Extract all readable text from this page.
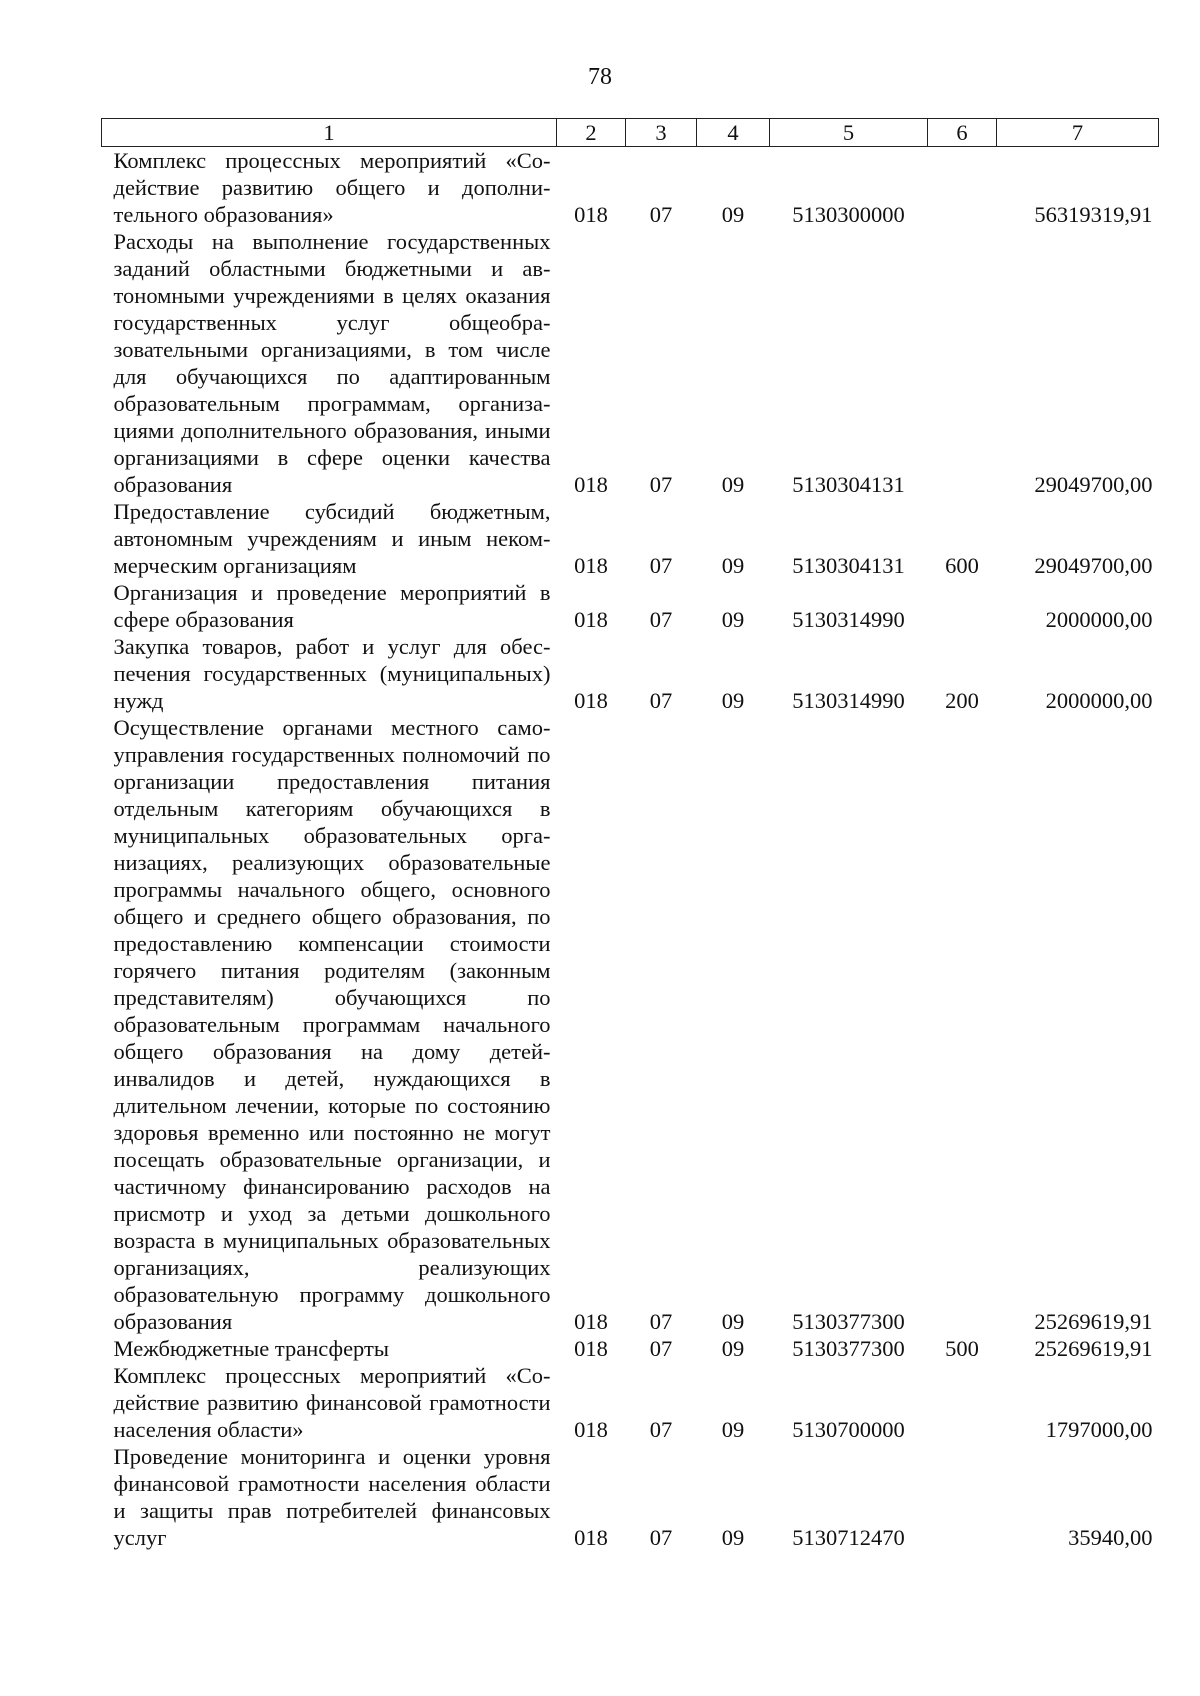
78
1	2	3	4	5	6	7
Комплекс процессных мероприятий «Содействие развитию общего и дополнительного образования»	018	07	09	5130300000		56319319,91
Расходы на выполнение государственных заданий областными бюджетными и автономными учреждениями в целях оказания государственных услуг общеобразовательными организациями, в том числе для обучающихся по адаптированным образовательным программам, организациями дополнительного образования, иными организациями в сфере оценки качества образования	018	07	09	5130304131		29049700,00
Предоставление субсидий бюджетным, автономным учреждениям и иным некоммерческим организациям	018	07	09	5130304131	600	29049700,00
Организация и проведение мероприятий в сфере образования	018	07	09	5130314990		2000000,00
Закупка товаров, работ и услуг для обеспечения государственных (муниципальных) нужд	018	07	09	5130314990	200	2000000,00
Осуществление органами местного самоуправления государственных полномочий по организации предоставления питания отдельным категориям обучающихся в муниципальных образовательных организациях, реализующих образовательные программы начального общего, основного общего и среднего общего образования, по предоставлению компенсации стоимости горячего питания родителям (законным представителям) обучающихся по образовательным программам начального общего образования на дому детей-инвалидов и детей, нуждающихся в длительном лечении, которые по состоянию здоровья временно или постоянно не могут посещать образовательные организации, и частичному финансированию расходов на присмотр и уход за детьми дошкольного возраста в муниципальных образовательных организациях, реализующих образовательную программу дошкольного образования	018	07	09	5130377300		25269619,91
Межбюджетные трансферты	018	07	09	5130377300	500	25269619,91
Комплекс процессных мероприятий «Содействие развитию финансовой грамотности населения области»	018	07	09	5130700000		1797000,00
Проведение мониторинга и оценки уровня финансовой грамотности населения области и защиты прав потребителей финансовых услуг	018	07	09	5130712470		35940,00
